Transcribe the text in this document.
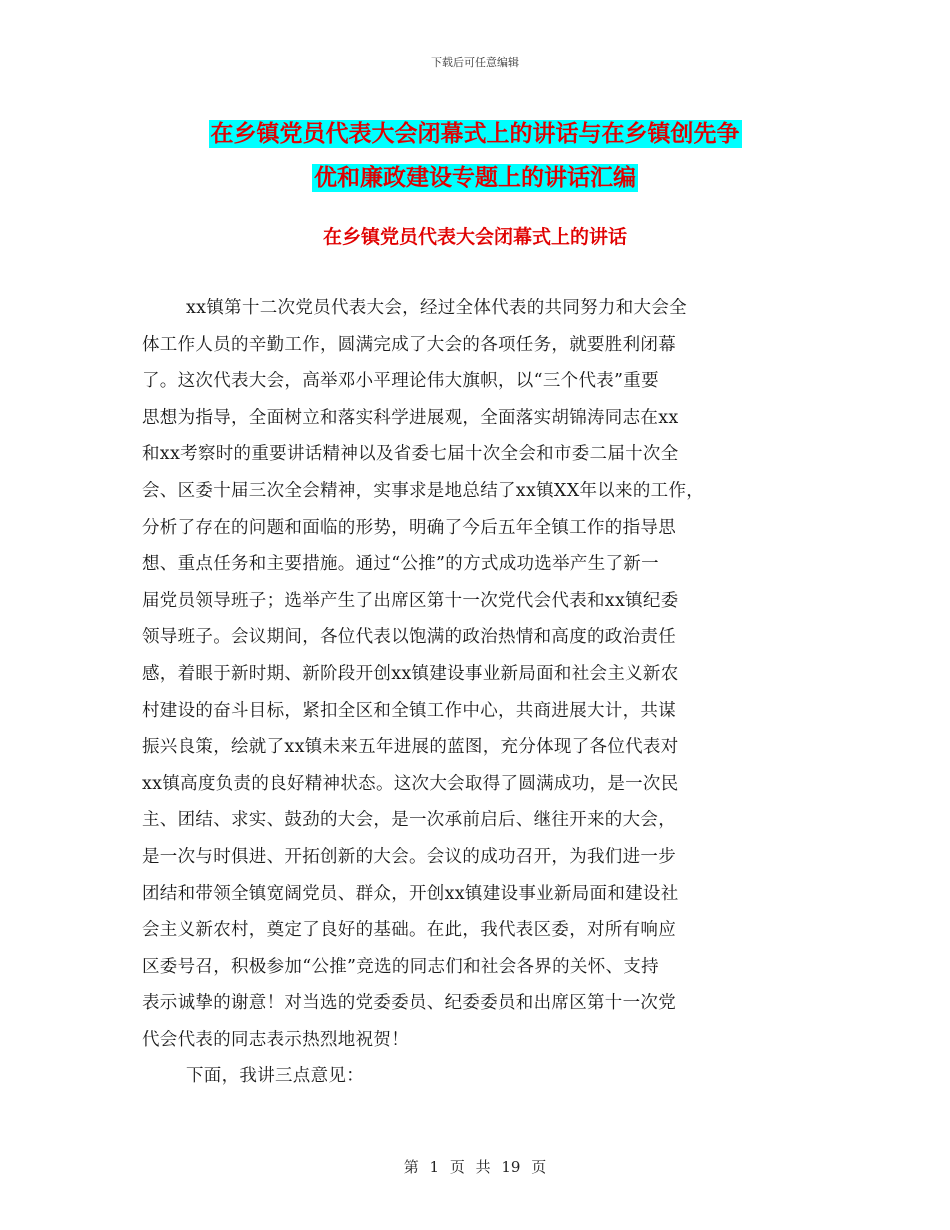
下载后可任意编辑
在乡镇党员代表大会闭幕式上的讲话与在乡镇创先争
优和廉政建设专题上的讲话汇编
在乡镇党员代表大会闭幕式上的讲话
xx镇第十二次党员代表大会，经过全体代表的共同努力和大会全
体工作人员的辛勤工作，圆满完成了大会的各项任务，就要胜利闭幕
了。这次代表大会，高举邓小平理论伟大旗帜，以“三个代表”重要
思想为指导，全面树立和落实科学进展观，全面落实胡锦涛同志在xx
和xx考察时的重要讲话精神以及省委七届十次全会和市委二届十次全
会、区委十届三次全会精神，实事求是地总结了xx镇XX年以来的工作，
分析了存在的问题和面临的形势，明确了今后五年全镇工作的指导思
想、重点任务和主要措施。通过“公推”的方式成功选举产生了新一
届党员领导班子；选举产生了出席区第十一次党代会代表和xx镇纪委
领导班子。会议期间，各位代表以饱满的政治热情和高度的政治责任
感，着眼于新时期、新阶段开创xx镇建设事业新局面和社会主义新农
村建设的奋斗目标，紧扣全区和全镇工作中心，共商进展大计，共谋
振兴良策，绘就了xx镇未来五年进展的蓝图，充分体现了各位代表对
xx镇高度负责的良好精神状态。这次大会取得了圆满成功，是一次民
主、团结、求实、鼓劲的大会，是一次承前启后、继往开来的大会，
是一次与时俱进、开拓创新的大会。会议的成功召开，为我们进一步
团结和带领全镇宽阔党员、群众，开创xx镇建设事业新局面和建设社
会主义新农村，奠定了良好的基础。在此，我代表区委，对所有响应
区委号召，积极参加“公推”竞选的同志们和社会各界的关怀、支持
表示诚挚的谢意！对当选的党委委员、纪委委员和出席区第十一次党
代会代表的同志表示热烈地祝贺！
下面，我讲三点意见：
第 1 页 共 19 页
